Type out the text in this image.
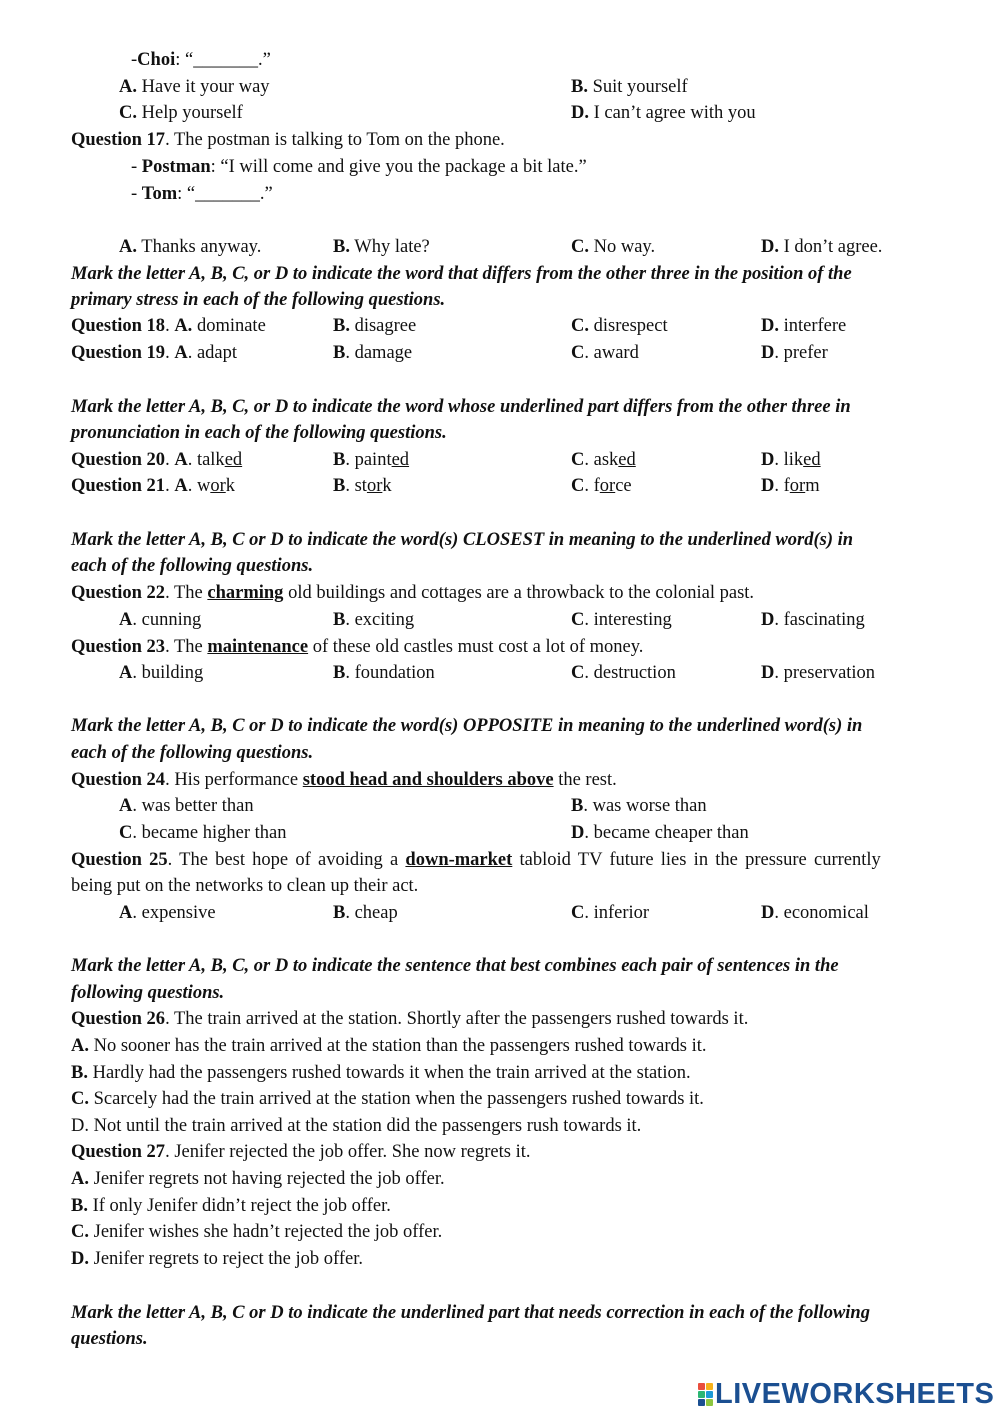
-Choi: “_______.”
A. Have it your way	B. Suit yourself
C. Help yourself	D. I can’t agree with you
Question 17. The postman is talking to Tom on the phone.
- Postman: “I will come and give you the package a bit late.”
- Tom: “_______.”
A. Thanks anyway.	B. Why late?	C. No way.	D. I don’t agree.
Mark the letter A, B, C, or D to indicate the word that differs from the other three in the position of the
primary stress in each of the following questions.
Question 18. A. dominate	B. disagree	C. disrespect	D. interfere
Question 19. A. adapt	B. damage	C. award	D. prefer
Mark the letter A, B, C, or D to indicate the word whose underlined part differs from the other three in
pronunciation in each of the following questions.
Question 20. A. talked	B. painted	C. asked	D. liked
Question 21. A. work	B. stork	C. force	D. form
Mark the letter A, B, C or D to indicate the word(s) CLOSEST in meaning to the underlined word(s) in
each of the following questions.
Question 22. The charming old buildings and cottages are a throwback to the colonial past.
A. cunning	B. exciting	C. interesting	D. fascinating
Question 23. The maintenance of these old castles must cost a lot of money.
A. building	B. foundation	C. destruction	D. preservation
Mark the letter A, B, C or D to indicate the word(s) OPPOSITE in meaning to the underlined word(s) in
each of the following questions.
Question 24. His performance stood head and shoulders above the rest.
A. was better than	B. was worse than
C. became higher than	D. became cheaper than
Question 25. The best hope of avoiding a down-market tabloid TV future lies in the pressure currently
being put on the networks to clean up their act.
A. expensive	B. cheap	C. inferior	D. economical
Mark the letter A, B, C, or D to indicate the sentence that best combines each pair of sentences in the
following questions.
Question 26. The train arrived at the station. Shortly after the passengers rushed towards it.
A. No sooner has the train arrived at the station than the passengers rushed towards it.
B. Hardly had the passengers rushed towards it when the train arrived at the station.
C. Scarcely had the train arrived at the station when the passengers rushed towards it.
D. Not until the train arrived at the station did the passengers rush towards it.
Question 27. Jenifer rejected the job offer. She now regrets it.
A. Jenifer regrets not having rejected the job offer.
B. If only Jenifer didn’t reject the job offer.
C. Jenifer wishes she hadn’t rejected the job offer.
D. Jenifer regrets to reject the job offer.
Mark the letter A, B, C or D to indicate the underlined part that needs correction in each of the following
questions.
LIVEWORKSHEETS
